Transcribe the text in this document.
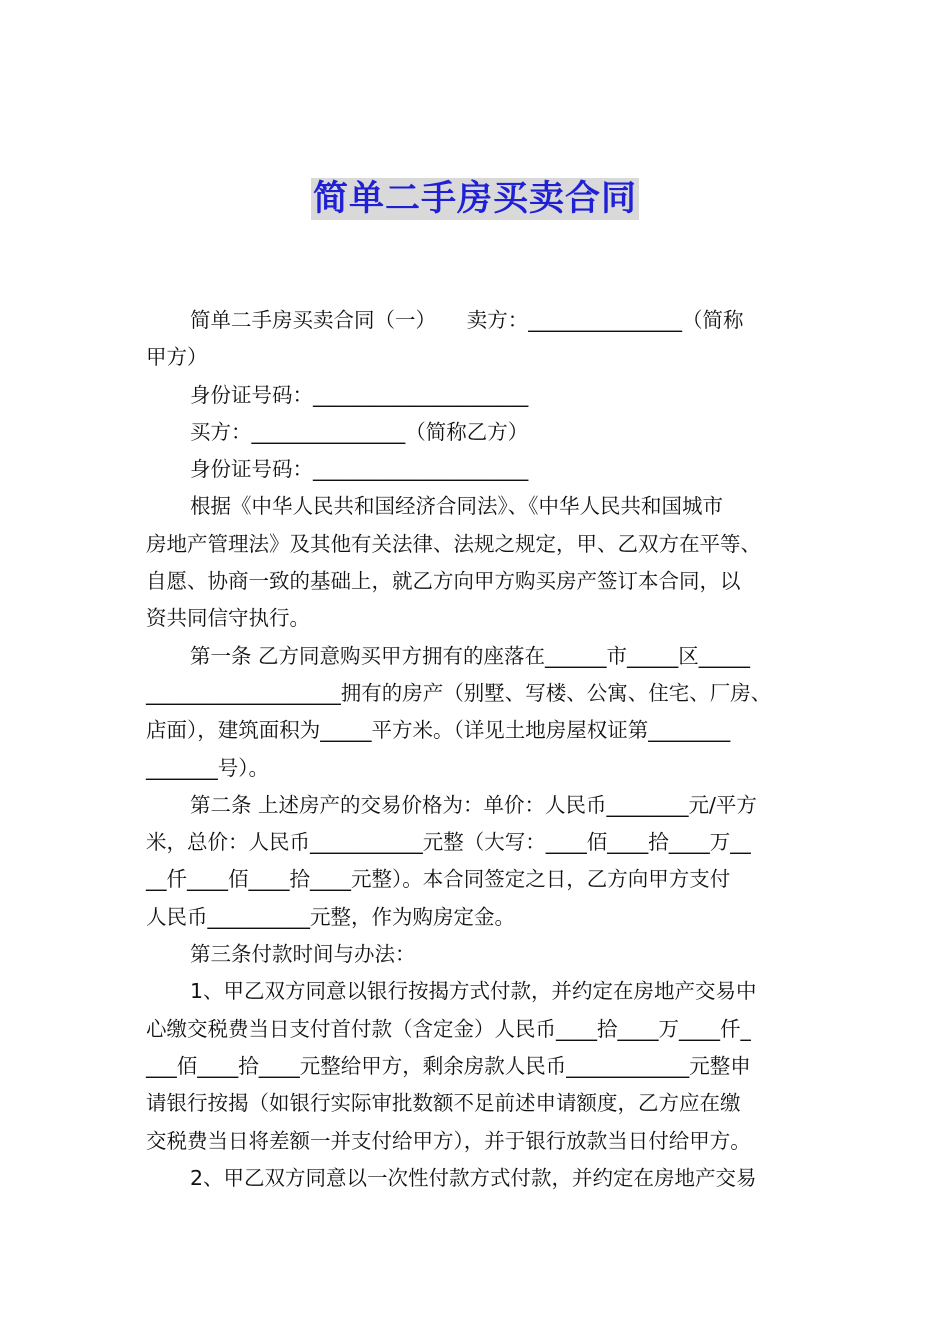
简单二手房买卖合同
简单二手房买卖合同（一）　　卖方：_______________（简称
甲方）
身份证号码：_____________________
买方：_______________（简称乙方）
身份证号码：_____________________
根据《中华人民共和国经济合同法》、《中华人民共和国城市
房地产管理法》及其他有关法律、法规之规定，甲、乙双方在平等、
自愿、协商一致的基础上，就乙方向甲方购买房产签订本合同，以
资共同信守执行。
第一条 乙方同意购买甲方拥有的座落在______市_____区_____
___________________拥有的房产（别墅、写楼、公寓、住宅、厂房、
店面），建筑面积为_____平方米。（详见土地房屋权证第________
_______号）。
第二条 上述房产的交易价格为：单价：人民币________元/平方
米，总价：人民币___________元整（大写：____佰____拾____万__
__仟____佰____拾____元整）。本合同签定之日，乙方向甲方支付
人民币__________元整，作为购房定金。
第三条付款时间与办法：
1、甲乙双方同意以银行按揭方式付款，并约定在房地产交易中
心缴交税费当日支付首付款（含定金）人民币____拾____万____仟_
___佰____拾____元整给甲方，剩余房款人民币____________元整申
请银行按揭（如银行实际审批数额不足前述申请额度，乙方应在缴
交税费当日将差额一并支付给甲方），并于银行放款当日付给甲方。
2、甲乙双方同意以一次性付款方式付款，并约定在房地产交易
